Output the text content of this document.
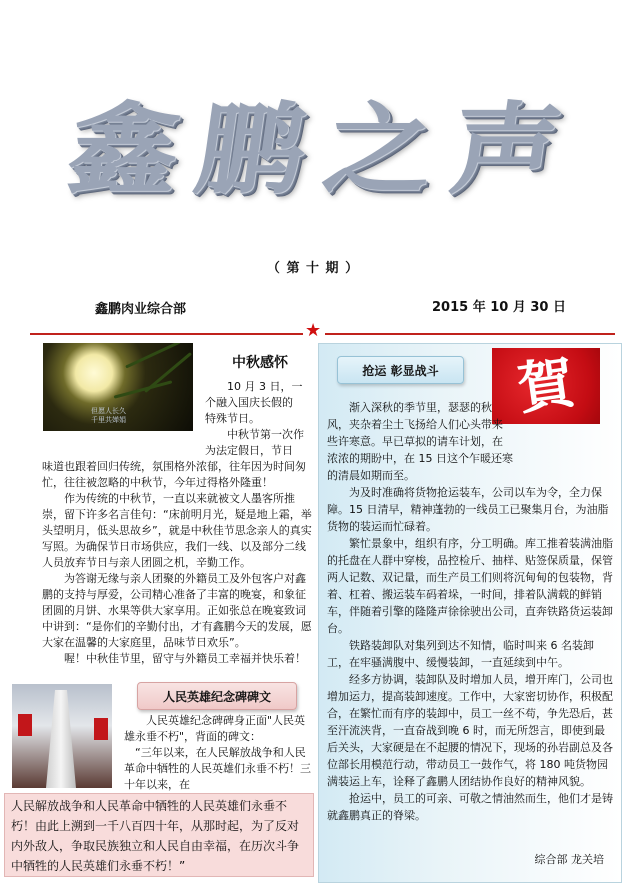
鑫 鹏 之 声
（ 第 十 期 ）
鑫鹏肉业综合部	2015 年 10 月 30 日
★
但愿人长久
千里共婵娟
中秋感怀

10 月 3 日，一

个融入国庆长假的

特殊节日。

中秋节第一次作

为法定假日，节日

味道也跟着回归传统，氛围格外浓郁，往年因为时间匆忙，往往被忽略的中秋节，今年过得格外隆重！

作为传统的中秋节，一直以来就被文人墨客所推崇，留下许多名言佳句：“床前明月光，疑是地上霜，举头望明月，低头思故乡”，就是中秋佳节思念亲人的真实写照。为确保节日市场供应，我们一线、以及部分二线人员放弃节日与亲人团圆之机，辛勤工作。

为答谢无缘与亲人团聚的外籍员工及外包客户对鑫鹏的支持与厚爱，公司精心准备了丰富的晚宴，和象征团圆的月饼、水果等供大家享用。正如张总在晚宴致词中讲到：“是你们的辛勤付出，才有鑫鹏今天的发展，愿大家在温馨的大家庭里，品味节日欢乐”。

喔！中秋佳节里，留守与外籍员工幸福并快乐着！

人民英雄纪念碑碑文

人民英雄纪念碑碑身正面"人民英雄永垂不朽"，背面的碑文：

“三年以来，在人民解放战争和人民革命中牺牲的人民英雄们永垂不朽！三十年以来，在

人民解放战争和人民革命中牺牲的人民英雄们永垂不朽！由此上溯到一千八百四十年，从那时起，为了反对内外敌人，争取民族独立和人民自由幸福，在历次斗争中牺牲的人民英雄们永垂不朽！”
抢运 彰显战斗	賀

渐入深秋的季节里，瑟瑟的秋风，夹杂着尘土飞扬给人们心头带来些许寒意。早已草拟的请车计划，在浓浓的期盼中，在 15 日这个乍暖还寒的清晨如期而至。

为及时准确将货物抢运装车，公司以车为令，全力保障。15 日清早，精神蓬勃的一线员工已聚集月台，为油脂货物的装运而忙碌着。

繁忙景象中，组织有序，分工明确。库工推着装满油脂的托盘在人群中穿梭，品控检斤、抽样、贴签保质量，保管两人记数、双记量，而生产员工们则将沉甸甸的包装物，背着、杠着、搬运装车码着垛，一时间，排着队满载的鲜销车，伴随着引擎的隆隆声徐徐驶出公司，直奔铁路货运装卸台。

铁路装卸队对集列到达不知情，临时叫来 6 名装卸工，在牢骚满腹中、缓慢装卸，一直延续到中午。

经多方协调，装卸队及时增加人员，增开库门，公司也增加运力，提高装卸速度。工作中，大家密切协作，积极配合，在繁忙而有序的装卸中，员工一丝不苟，争先恐后，甚至汗流浃背，一直奋战到晚 6 时，而无所怨言，即使到最后关头，大家硬是在不起腰的情况下，现场的孙岩副总及各位部长用模范行动，带动员工一鼓作气，将 180 吨货物园满装运上车，诠释了鑫鹏人团结协作良好的精神风貌。

抢运中，员工的可亲、可敬之情油然而生，他们才是铸就鑫鹏真正的脊梁。

综合部 龙关培
